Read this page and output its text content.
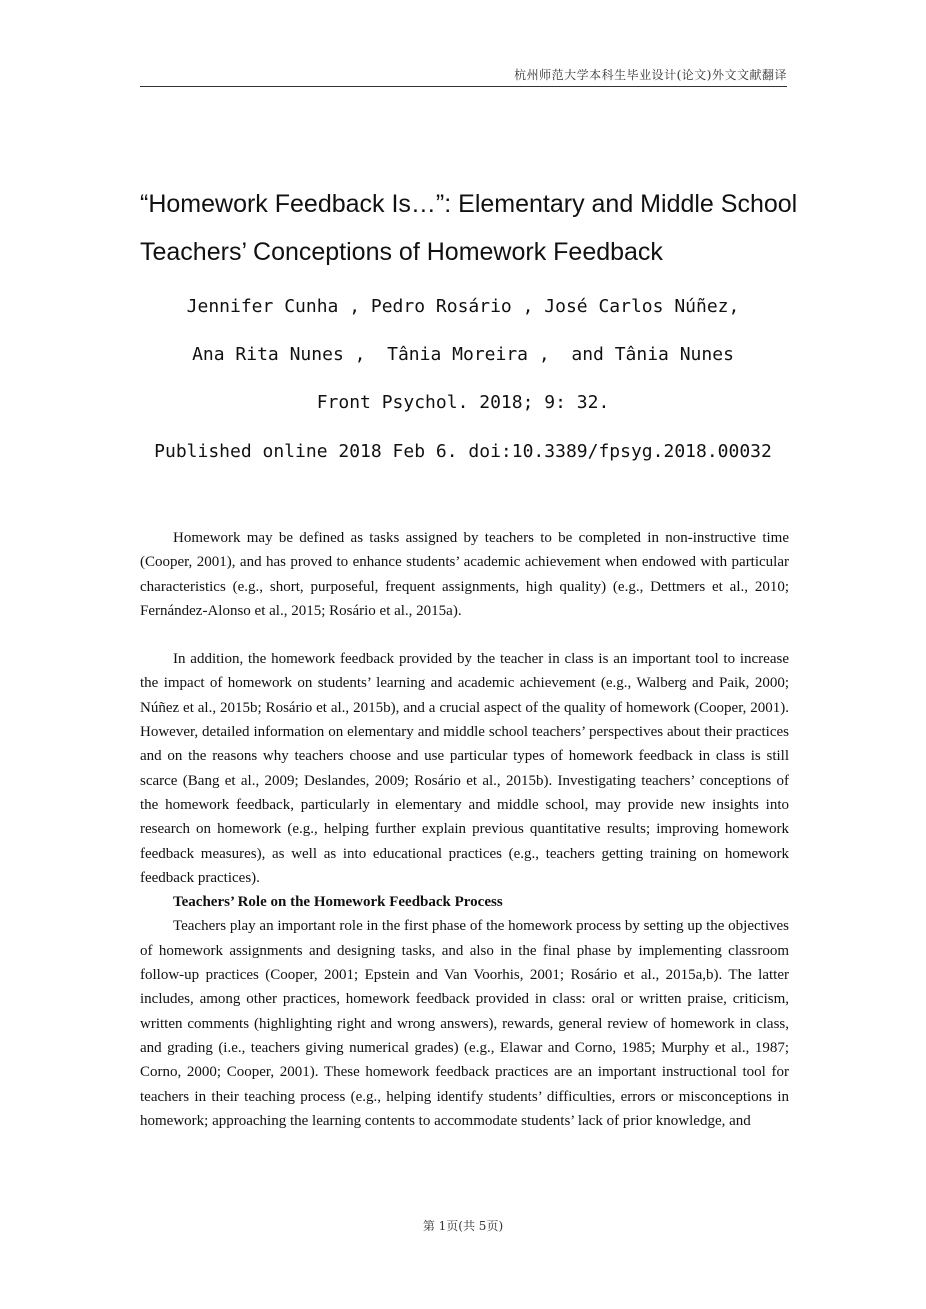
杭州师范大学本科生毕业设计(论文)外文文献翻译
“Homework Feedback Is…”: Elementary and Middle School Teachers’ Conceptions of Homework Feedback
Jennifer Cunha , Pedro Rosário , José Carlos Núñez,
Ana Rita Nunes ,  Tânia Moreira ,  and Tânia Nunes
Front Psychol. 2018; 9: 32.
Published online 2018 Feb 6. doi:10.3389/fpsyg.2018.00032

Homework may be defined as tasks assigned by teachers to be completed in non-instructive time (Cooper, 2001), and has proved to enhance students’ academic achievement when endowed with particular characteristics (e.g., short, purposeful, frequent assignments, high quality) (e.g., Dettmers et al., 2010; Fernández-Alonso et al., 2015; Rosário et al., 2015a).

In addition, the homework feedback provided by the teacher in class is an important tool to increase the impact of homework on students’ learning and academic achievement (e.g., Walberg and Paik, 2000; Núñez et al., 2015b; Rosário et al., 2015b), and a crucial aspect of the quality of homework (Cooper, 2001). However, detailed information on elementary and middle school teachers’ perspectives about their practices and on the reasons why teachers choose and use particular types of homework feedback in class is still scarce (Bang et al., 2009; Deslandes, 2009; Rosário et al., 2015b). Investigating teachers’ conceptions of the homework feedback, particularly in elementary and middle school, may provide new insights into research on homework (e.g., helping further explain previous quantitative results; improving homework feedback measures), as well as into educational practices (e.g., teachers getting training on homework feedback practices).

Teachers’ Role on the Homework Feedback Process

Teachers play an important role in the first phase of the homework process by setting up the objectives of homework assignments and designing tasks, and also in the final phase by implementing classroom follow-up practices (Cooper, 2001; Epstein and Van Voorhis, 2001; Rosário et al., 2015a,b). The latter includes, among other practices, homework feedback provided in class: oral or written praise, criticism, written comments (highlighting right and wrong answers), rewards, general review of homework in class, and grading (i.e., teachers giving numerical grades) (e.g., Elawar and Corno, 1985; Murphy et al., 1987; Corno, 2000; Cooper, 2001). These homework feedback practices are an important instructional tool for teachers in their teaching process (e.g., helping identify students’ difficulties, errors or misconceptions in homework; approaching the learning contents to accommodate students’ lack of prior knowledge, and

第 1页(共 5页)
